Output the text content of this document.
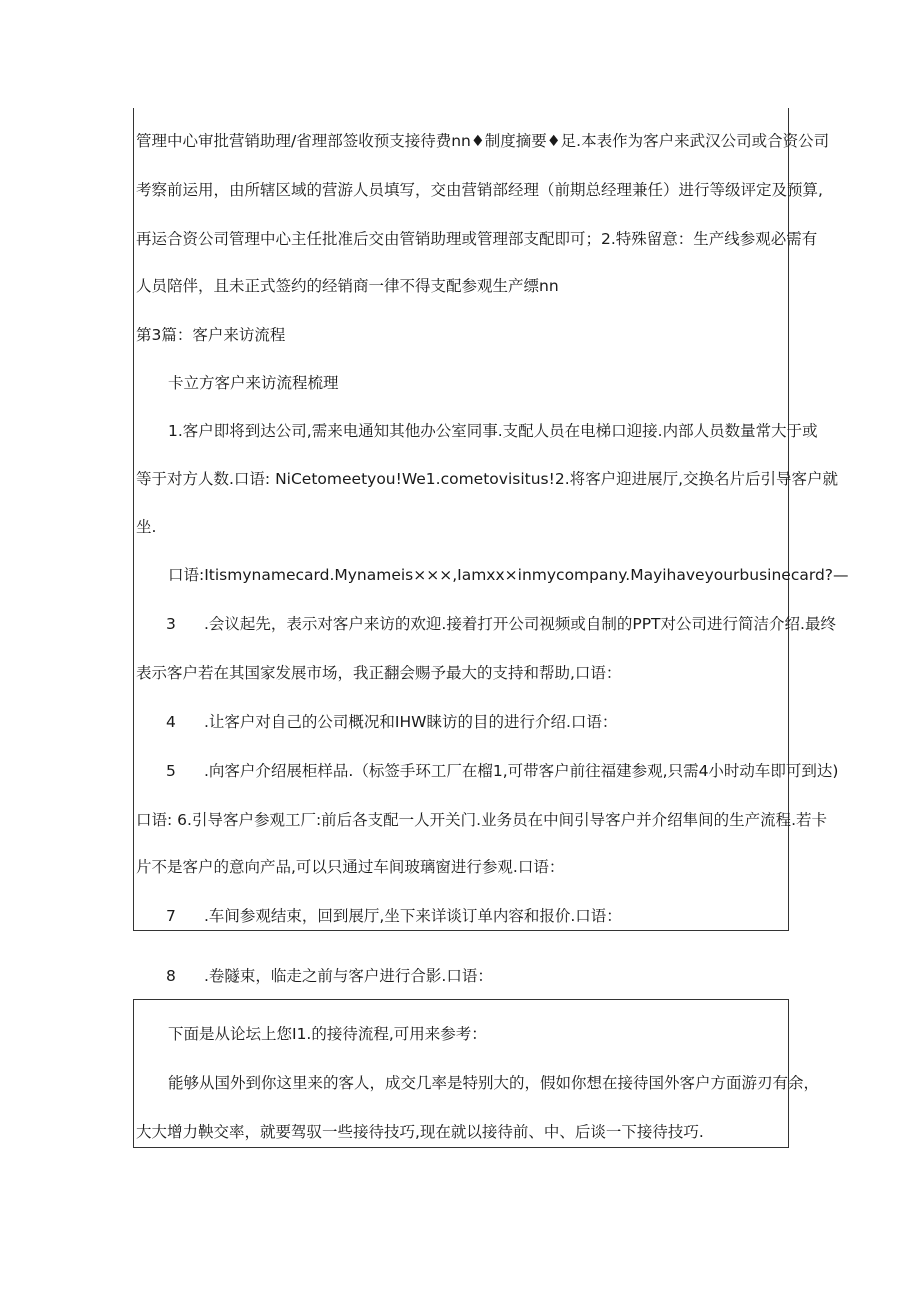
管理中心审批营销助理/省理部签收预支接待费nn♦制度摘要♦足.本表作为客户来武汉公司或合资公司
考察前运用，由所辖区域的营游人员填写，交由营销部经理（前期总经理兼任）进行等级评定及预算,
再运合资公司管理中心主任批准后交由管销助理或管理部支配即可；2.特殊留意：生产线参观必需有
人员陪伴，且未正式签约的经销商一律不得支配参观生产缥nn
第3篇：客户来访流程
卡立方客户来访流程梳理
1.客户即将到达公司,需来电通知其他办公室同事.支配人员在电梯口迎接.内部人员数量常大于或
等于对方人数.口语: NiCetomeetyou!We1.cometovisitus!2.将客户迎进展厅,交换名片后引导客户就
坐.
口语:Itismynamecard.Mynameis×××,Iamxx×inmycompany.Mayihaveyourbusinecard?—
3 .会议起先，表示对客户来访的欢迎.接着打开公司视频或自制的PPT对公司进行简洁介绍.最终
表示客户若在其国家发展市场，我正翻会赐予最大的支持和帮助,口语：
4 .让客户对自己的公司概况和IHW睐访的目的进行介绍.口语：
5 .向客户介绍展柜样品.（标签手环工厂在榴1,可带客户前往福建参观,只需4小时动车即可到达)
口语: 6.引导客户参观工厂:前后各支配一人开关门.业务员在中间引导客户并介绍隼间的生产流程.若卡
片不是客户的意向产品,可以只通过车间玻璃窗进行参观.口语：
7 .车间参观结束，回到展厅,坐下来详谈订单内容和报价.口语：
8 .卷隧束，临走之前与客户进行合影.口语：
下面是从论坛上您I1.的接待流程,可用来参考：
能够从国外到你这里来的客人，成交几率是特别大的，假如你想在接待国外客户方面游刃有余，
大大增力鞅交率，就要驾驭一些接待技巧,现在就以接待前、中、后谈一下接待技巧.
